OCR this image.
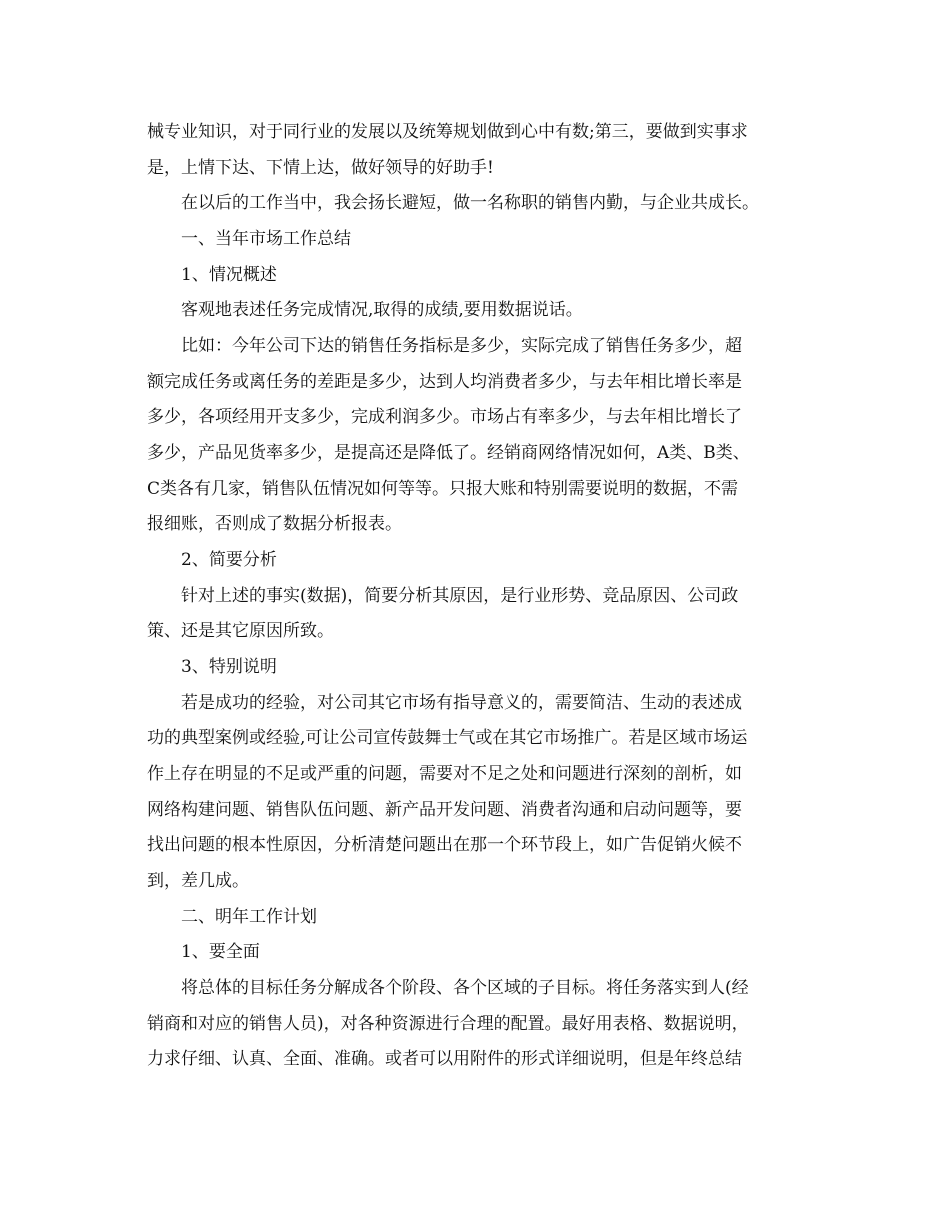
械专业知识，对于同行业的发展以及统筹规划做到心中有数;第三，要做到实事求
是，上情下达、下情上达，做好领导的好助手!
在以后的工作当中，我会扬长避短，做一名称职的销售内勤，与企业共成长。
一、当年市场工作总结
1、情况概述
客观地表述任务完成情况,取得的成绩,要用数据说话。
比如：今年公司下达的销售任务指标是多少，实际完成了销售任务多少，超
额完成任务或离任务的差距是多少，达到人均消费者多少，与去年相比增长率是
多少，各项经用开支多少，完成利润多少。市场占有率多少，与去年相比增长了
多少，产品见货率多少，是提高还是降低了。经销商网络情况如何，A类、B类、
C类各有几家，销售队伍情况如何等等。只报大账和特别需要说明的数据，不需
报细账，否则成了数据分析报表。
2、简要分析
针对上述的事实(数据)，简要分析其原因，是行业形势、竞品原因、公司政
策、还是其它原因所致。
3、特别说明
若是成功的经验，对公司其它市场有指导意义的，需要简洁、生动的表述成
功的典型案例或经验,可让公司宣传鼓舞士气或在其它市场推广。若是区域市场运
作上存在明显的不足或严重的问题，需要对不足之处和问题进行深刻的剖析，如
网络构建问题、销售队伍问题、新产品开发问题、消费者沟通和启动问题等，要
找出问题的根本性原因，分析清楚问题出在那一个环节段上，如广告促销火候不
到，差几成。
二、明年工作计划
1、要全面
将总体的目标任务分解成各个阶段、各个区域的子目标。将任务落实到人(经
销商和对应的销售人员)，对各种资源进行合理的配置。最好用表格、数据说明，
力求仔细、认真、全面、准确。或者可以用附件的形式详细说明，但是年终总结
